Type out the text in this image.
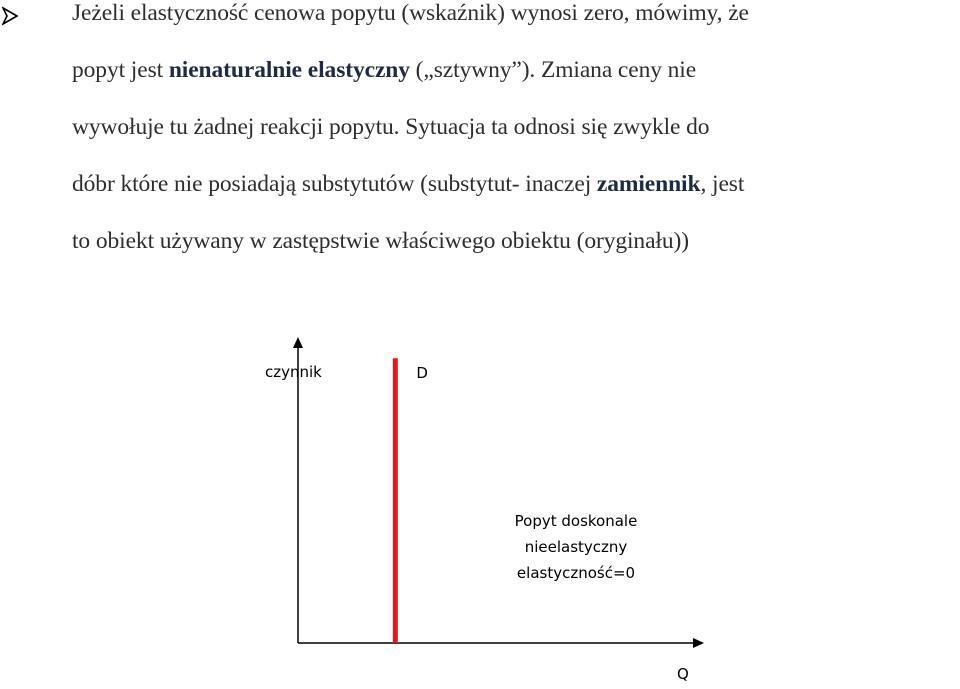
Jeżeli elastyczność cenowa popytu (wskaźnik) wynosi zero, mówimy, że
popyt jest nienaturalnie elastyczny („sztywny”). Zmiana ceny nie
wywołuje tu żadnej reakcji popytu. Sytuacja ta odnosi się zwykle do
dóbr które nie posiadają substytutów (substytut- inaczej zamiennik, jest
to obiekt używany w zastępstwie właściwego obiektu (oryginału))

czynnik
Q
D
Popyt doskonale
nieelastyczny
elastyczność=0
